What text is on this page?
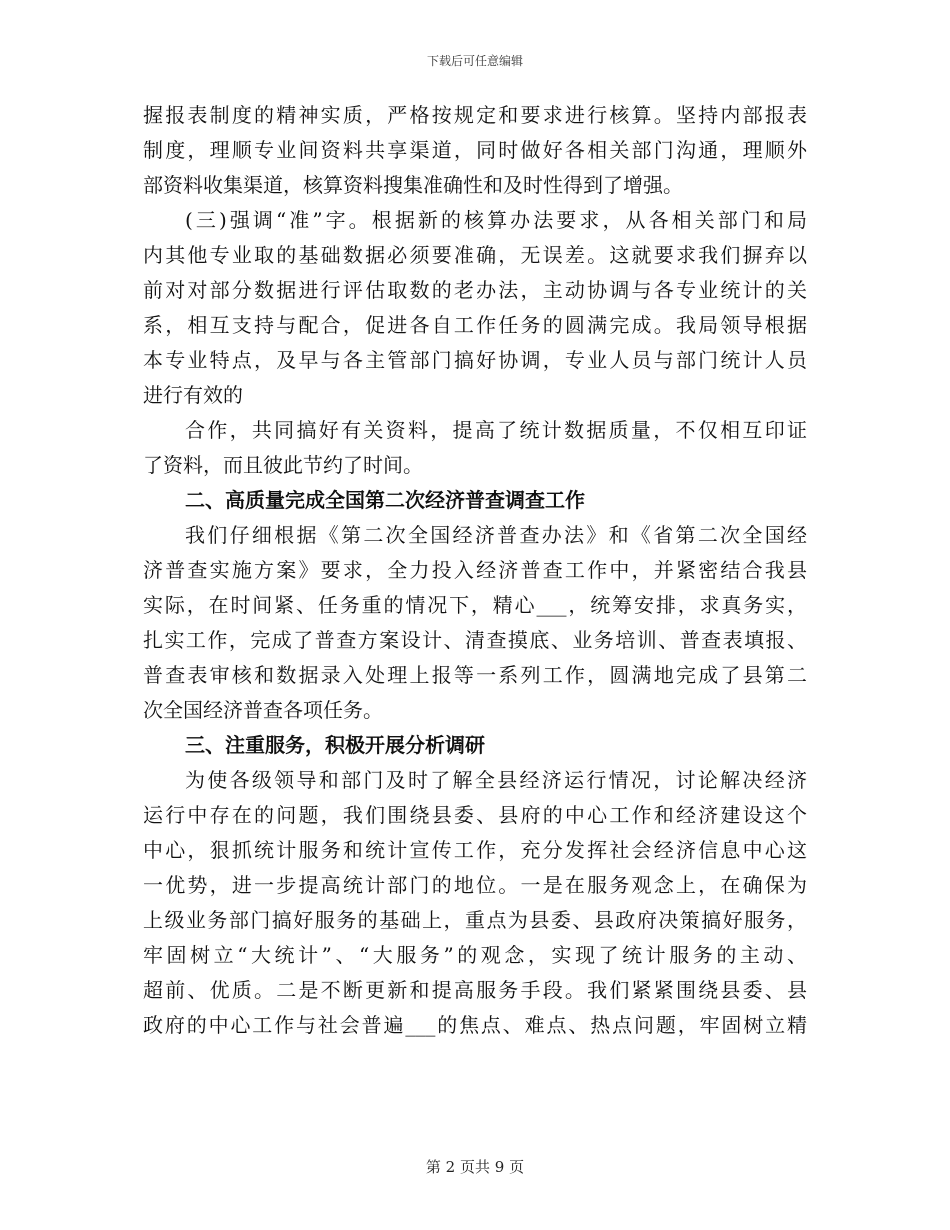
下载后可任意编辑
握报表制度的精神实质，严格按规定和要求进行核算。坚持内部报表
制度，理顺专业间资料共享渠道，同时做好各相关部门沟通，理顺外
部资料收集渠道，核算资料搜集准确性和及时性得到了增强。
(三)强调“准”字。根据新的核算办法要求，从各相关部门和局
内其他专业取的基础数据必须要准确，无误差。这就要求我们摒弃以
前对对部分数据进行评估取数的老办法，主动协调与各专业统计的关
系，相互支持与配合，促进各自工作任务的圆满完成。我局领导根据
本专业特点，及早与各主管部门搞好协调，专业人员与部门统计人员
进行有效的
合作，共同搞好有关资料，提高了统计数据质量，不仅相互印证
了资料，而且彼此节约了时间。
二、高质量完成全国第二次经济普查调查工作
我们仔细根据《第二次全国经济普查办法》和《省第二次全国经
济普查实施方案》要求，全力投入经济普查工作中，并紧密结合我县
实际，在时间紧、任务重的情况下，精心___，统筹安排，求真务实，
扎实工作，完成了普查方案设计、清查摸底、业务培训、普查表填报、
普查表审核和数据录入处理上报等一系列工作，圆满地完成了县第二
次全国经济普查各项任务。
三、注重服务，积极开展分析调研
为使各级领导和部门及时了解全县经济运行情况，讨论解决经济
运行中存在的问题，我们围绕县委、县府的中心工作和经济建设这个
中心，狠抓统计服务和统计宣传工作，充分发挥社会经济信息中心这
一优势，进一步提高统计部门的地位。一是在服务观念上，在确保为
上级业务部门搞好服务的基础上，重点为县委、县政府决策搞好服务，
牢固树立“大统计”、“大服务”的观念，实现了统计服务的主动、
超前、优质。二是不断更新和提高服务手段。我们紧紧围绕县委、县
政府的中心工作与社会普遍___的焦点、难点、热点问题，牢固树立精
第 2 页共 9 页
